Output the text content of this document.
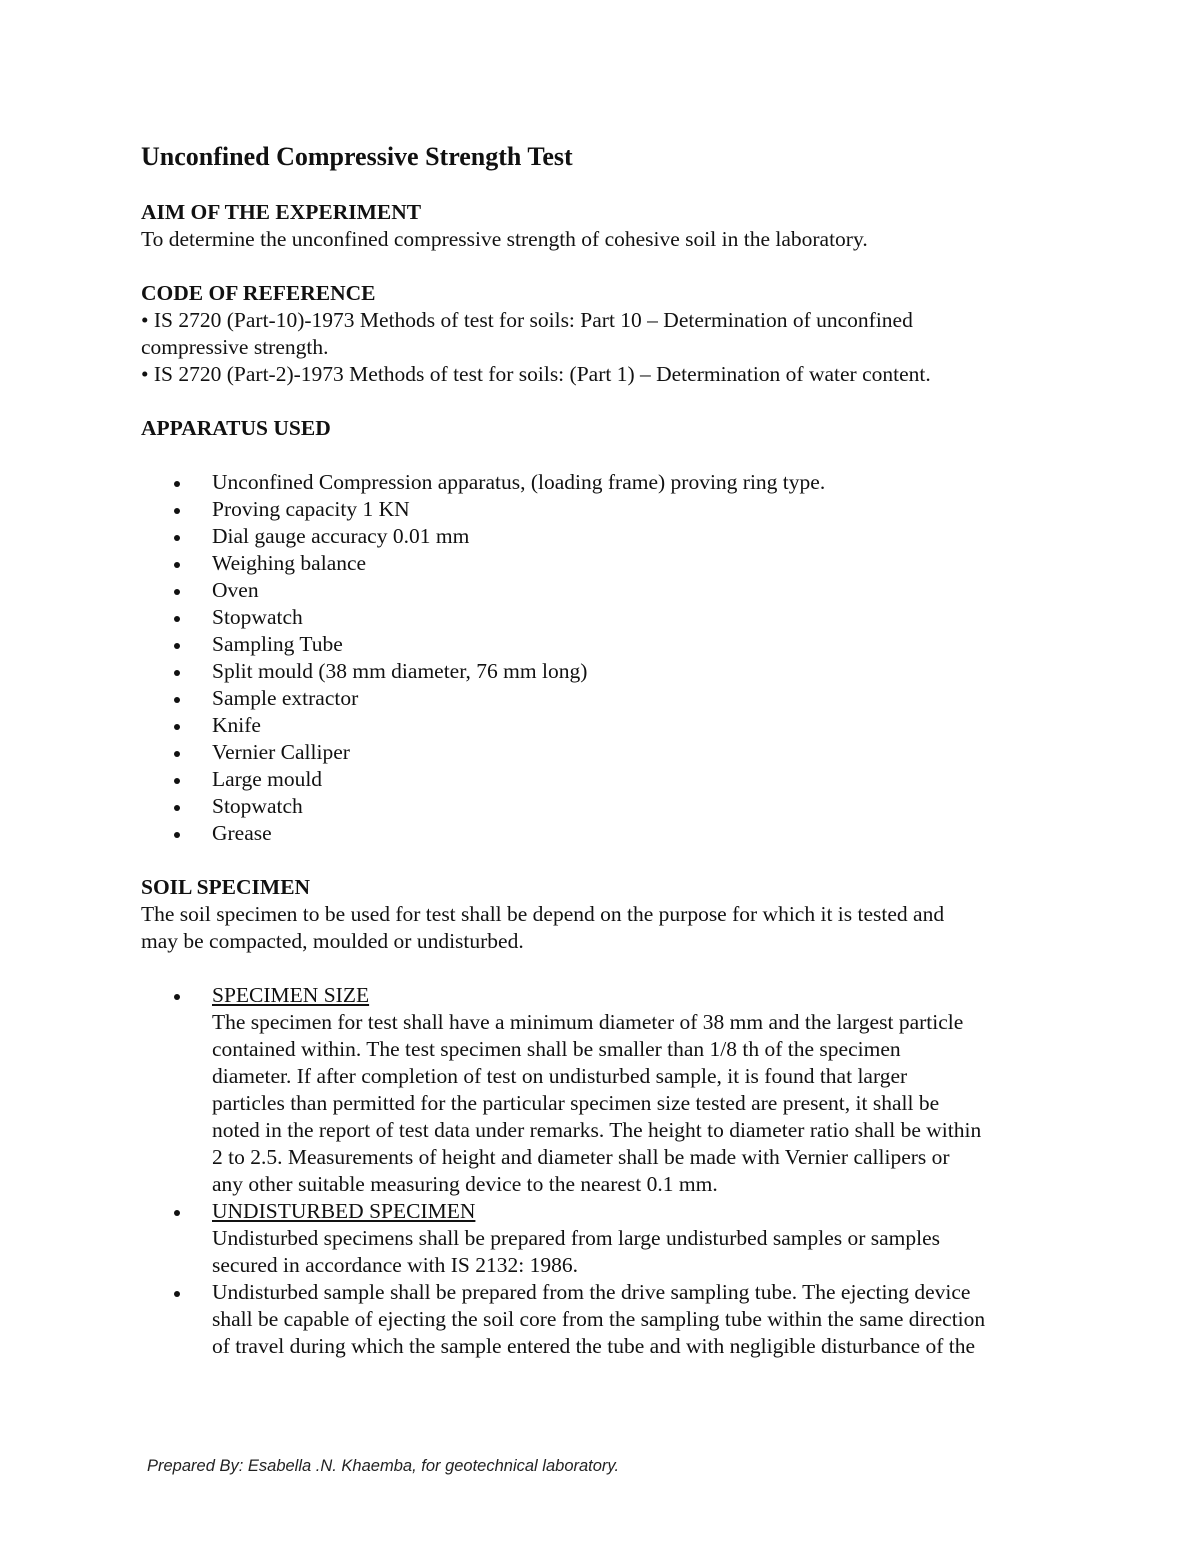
Unconfined Compressive Strength Test
AIM OF THE EXPERIMENT
To determine the unconfined compressive strength of cohesive soil in the laboratory.
CODE OF REFERENCE
• IS 2720 (Part-10)-1973 Methods of test for soils: Part 10 – Determination of unconfined
compressive strength.
• IS 2720 (Part-2)-1973 Methods of test for soils: (Part 1) – Determination of water content.
APPARATUS USED
Unconfined Compression apparatus, (loading frame) proving ring type.
Proving capacity 1 KN
Dial gauge accuracy 0.01 mm
Weighing balance
Oven
Stopwatch
Sampling Tube
Split mould (38 mm diameter, 76 mm long)
Sample extractor
Knife
Vernier Calliper
Large mould
Stopwatch
Grease
SOIL SPECIMEN
The soil specimen to be used for test shall be depend on the purpose for which it is tested and
may be compacted, moulded or undisturbed.
SPECIMEN SIZE
The specimen for test shall have a minimum diameter of 38 mm and the largest particle
contained within. The test specimen shall be smaller than 1/8 th of the specimen
diameter. If after completion of test on undisturbed sample, it is found that larger
particles than permitted for the particular specimen size tested are present, it shall be
noted in the report of test data under remarks. The height to diameter ratio shall be within
2 to 2.5. Measurements of height and diameter shall be made with Vernier callipers or
any other suitable measuring device to the nearest 0.1 mm.
UNDISTURBED SPECIMEN
Undisturbed specimens shall be prepared from large undisturbed samples or samples
secured in accordance with IS 2132: 1986.
Undisturbed sample shall be prepared from the drive sampling tube. The ejecting device
shall be capable of ejecting the soil core from the sampling tube within the same direction
of travel during which the sample entered the tube and with negligible disturbance of the
Prepared By: Esabella .N. Khaemba, for geotechnical laboratory.
